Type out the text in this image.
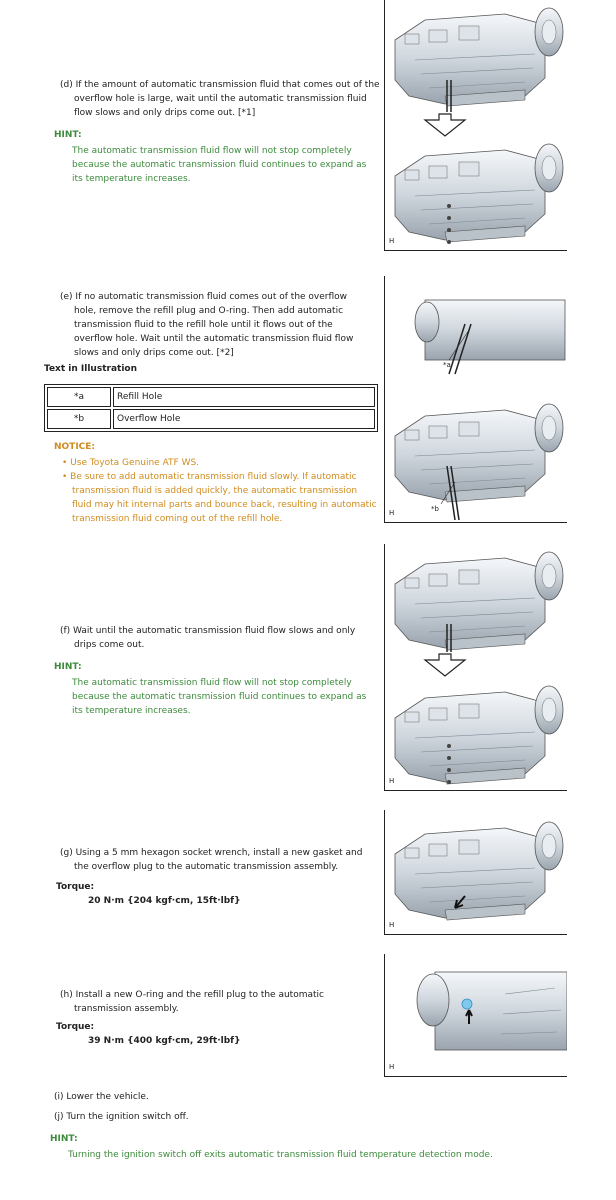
(d) If the amount of automatic transmission fluid that comes out of the overflow hole is large, wait until the automatic transmission fluid flow slows and only drips come out. [*1]
HINT:
The automatic transmission fluid flow will not stop completely because the automatic transmission fluid continues to expand as its temperature increases.
H
(e) If no automatic transmission fluid comes out of the overflow hole, remove the refill plug and O-ring. Then add automatic transmission fluid to the refill hole until it flows out of the overflow hole. Wait until the automatic transmission fluid flow slows and only drips come out. [*2]
Text in Illustration
*a	Refill Hole
*b	Overflow Hole
NOTICE:
• Use Toyota Genuine ATF WS.
• Be sure to add automatic transmission fluid slowly. If automatic transmission fluid is added quickly, the automatic transmission fluid may hit internal parts and bounce back, resulting in automatic transmission fluid coming out of the refill hole.
*a
*b
H
(f) Wait until the automatic transmission fluid flow slows and only drips come out.
HINT:
The automatic transmission fluid flow will not stop completely because the automatic transmission fluid continues to expand as its temperature increases.
H
(g) Using a 5 mm hexagon socket wrench, install a new gasket and the overflow plug to the automatic transmission assembly.
Torque:
20 N·m {204 kgf·cm, 15ft·lbf}
H
(h) Install a new O-ring and the refill plug to the automatic transmission assembly.
Torque:
39 N·m {400 kgf·cm, 29ft·lbf}
H
(i) Lower the vehicle.
(j) Turn the ignition switch off.
HINT:
Turning the ignition switch off exits automatic transmission fluid temperature detection mode.
